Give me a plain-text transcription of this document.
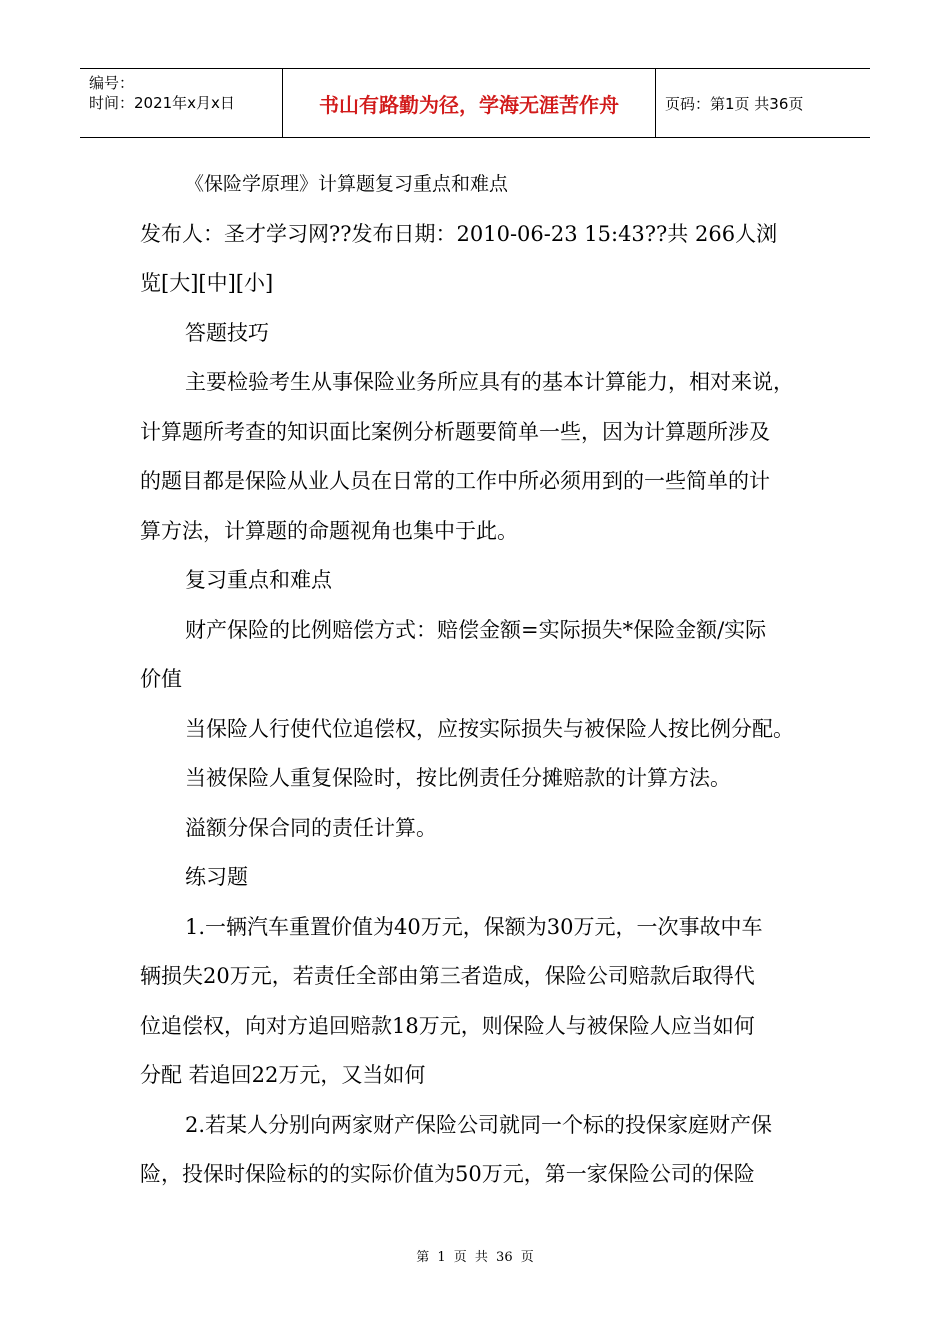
编号：
时间：2021年x月x日	书山有路勤为径，学海无涯苦作舟	页码：第1页 共36页

《保险学原理》计算题复习重点和难点

发布人：圣才学习网??发布日期：2010-06-23 15:43??共 266人浏

览[大][中][小]

答题技巧

主要检验考生从事保险业务所应具有的基本计算能力，相对来说，

计算题所考查的知识面比案例分析题要简单一些，因为计算题所涉及

的题目都是保险从业人员在日常的工作中所必须用到的一些简单的计

算方法，计算题的命题视角也集中于此。

复习重点和难点

财产保险的比例赔偿方式：赔偿金额=实际损失*保险金额/实际

价值

当保险人行使代位追偿权，应按实际损失与被保险人按比例分配。

当被保险人重复保险时，按比例责任分摊赔款的计算方法。

溢额分保合同的责任计算。

练习题

1.一辆汽车重置价值为40万元，保额为30万元，一次事故中车

辆损失20万元，若责任全部由第三者造成，保险公司赔款后取得代

位追偿权，向对方追回赔款18万元，则保险人与被保险人应当如何

分配 若追回22万元，又当如何

2.若某人分别向两家财产保险公司就同一个标的投保家庭财产保

险，投保时保险标的的实际价值为50万元，第一家保险公司的保险

第 1 页 共 36 页
